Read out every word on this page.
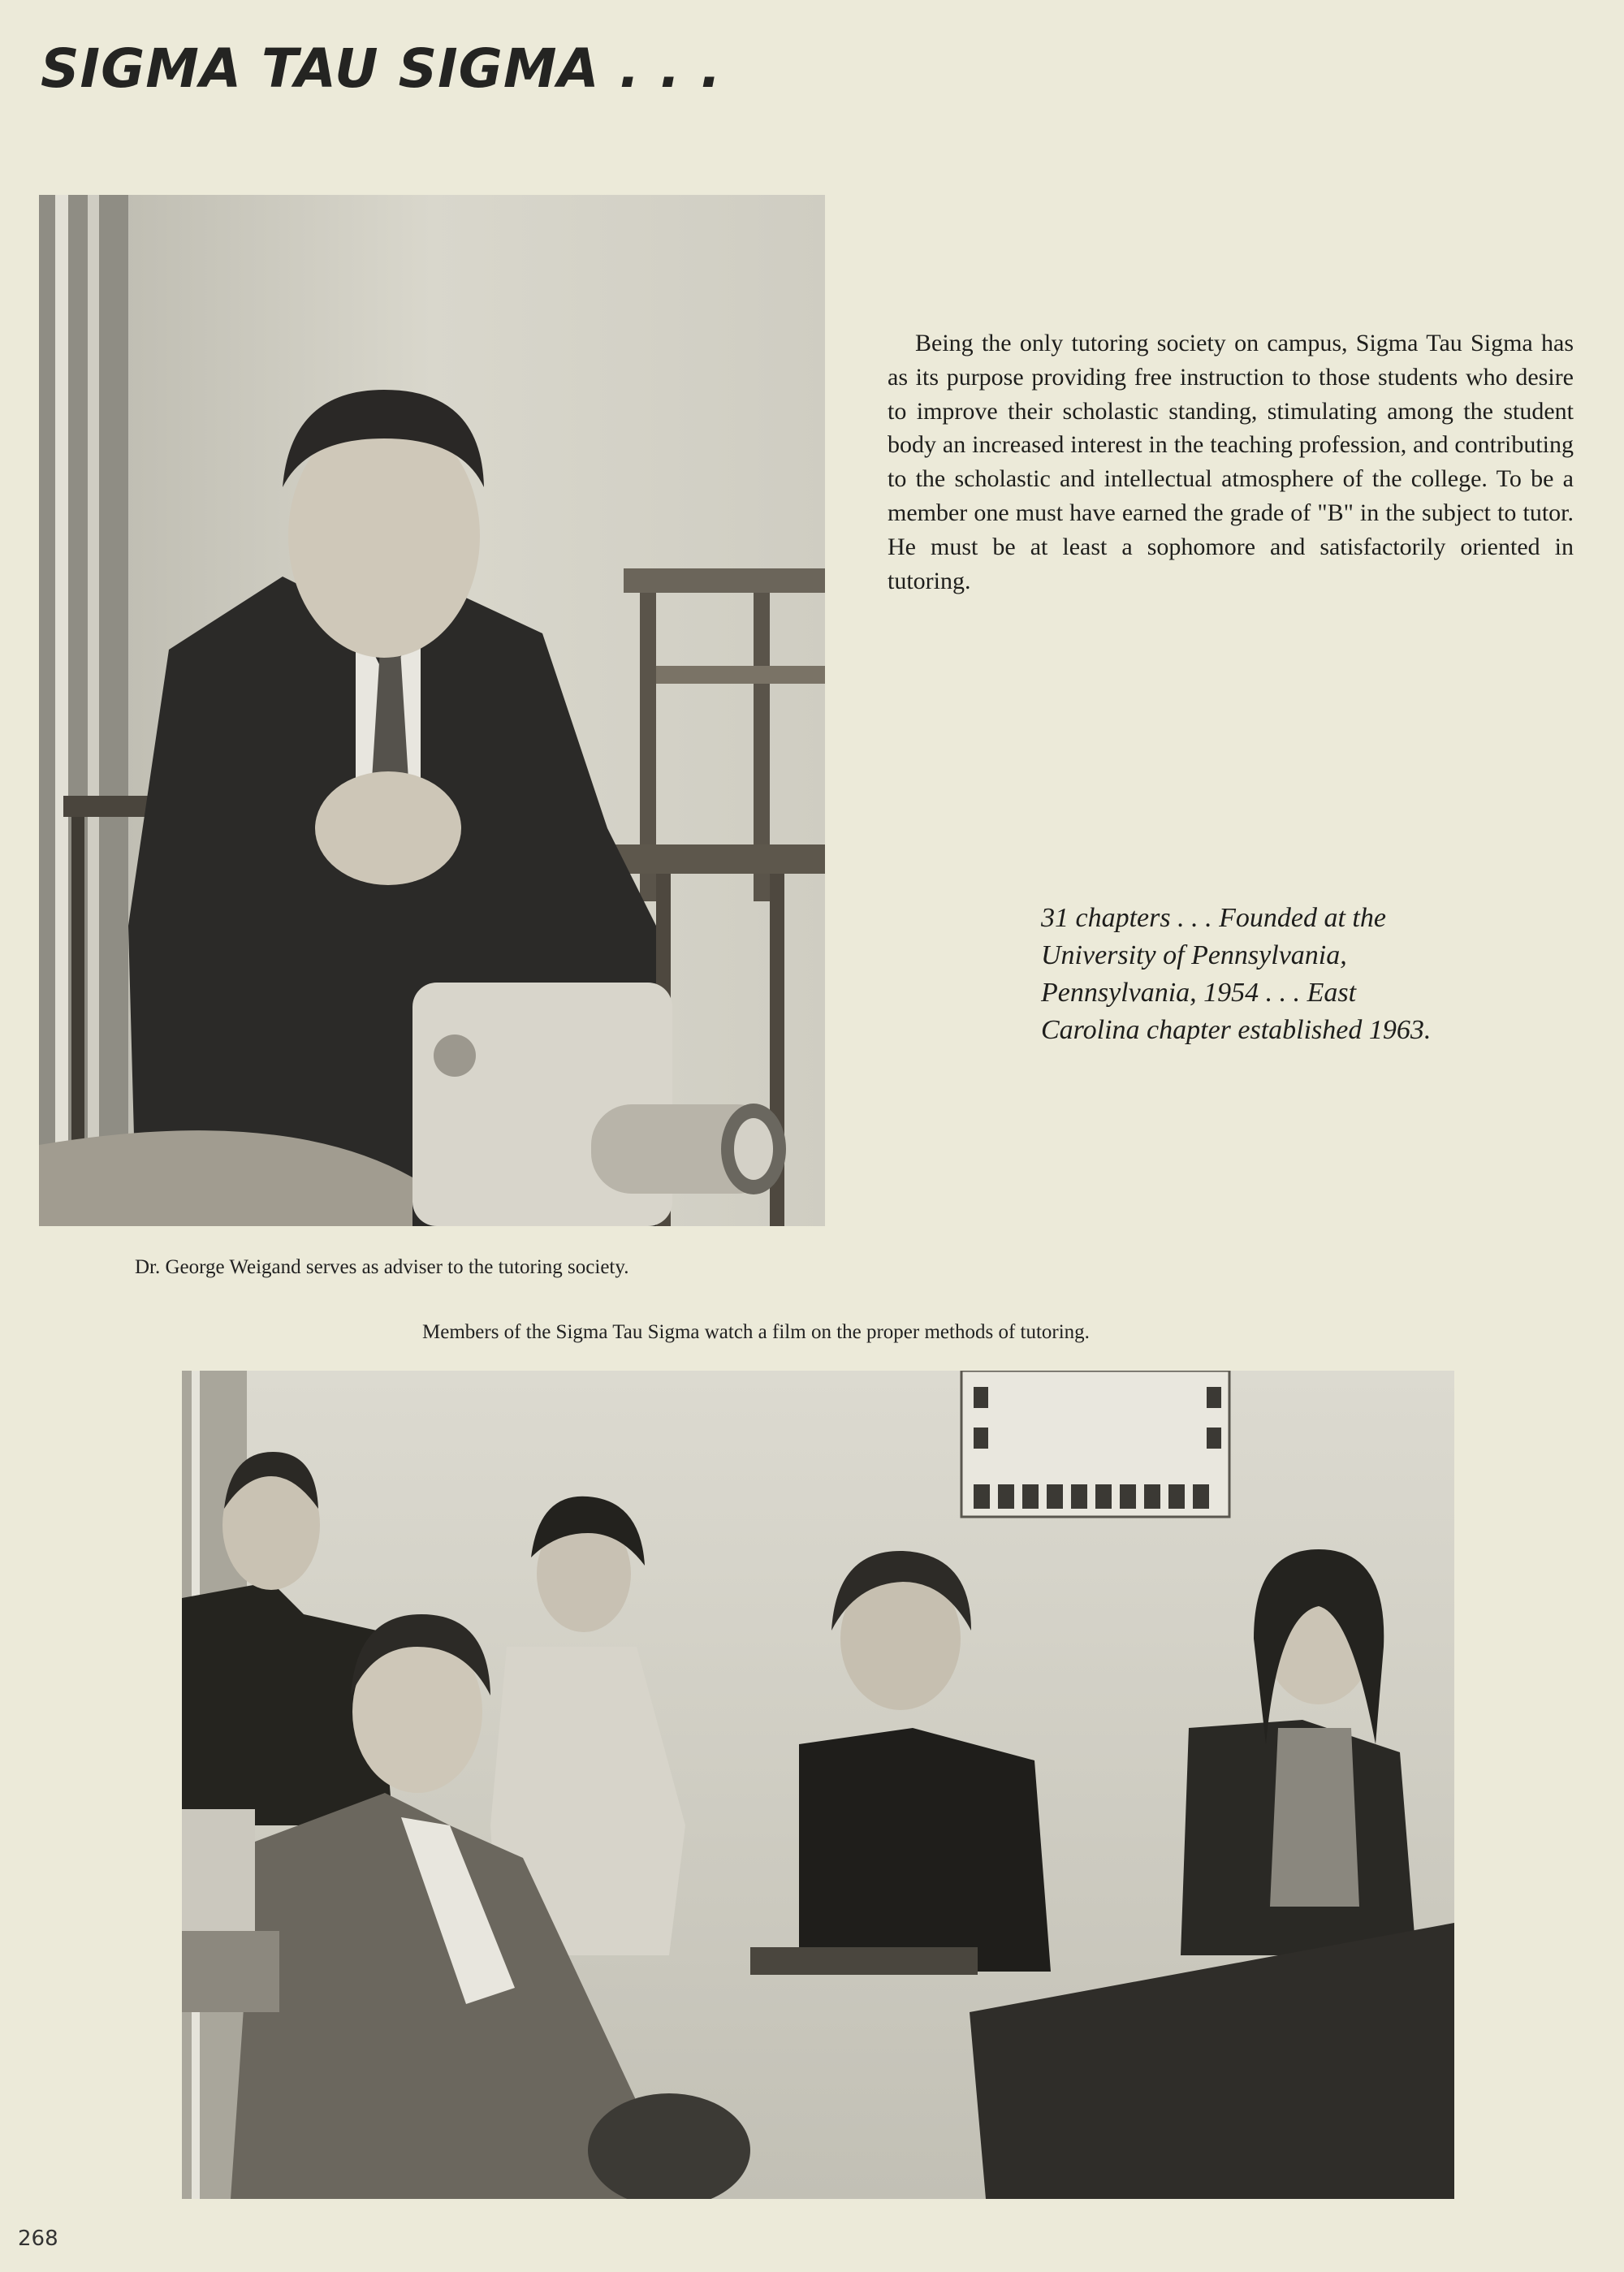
SIGMA TAU SIGMA . . .

Being the only tutoring society on campus, Sigma Tau Sigma has as its purpose providing free instruction to those students who desire to improve their scholastic standing, stimulating among the student body an increased interest in the teaching profession, and contributing to the scholastic and intellectual atmosphere of the college. To be a member one must have earned the grade of "B" in the subject to tutor. He must be at least a sophomore and satisfactorily oriented in tutoring.

31 chapters . . . Founded at the University of Pennsylvania, Pennsylvania, 1954 . . . East Carolina chapter established 1963.

Dr. George Weigand serves as adviser to the tutoring society.

Members of the Sigma Tau Sigma watch a film on the proper methods of tutoring.

268
